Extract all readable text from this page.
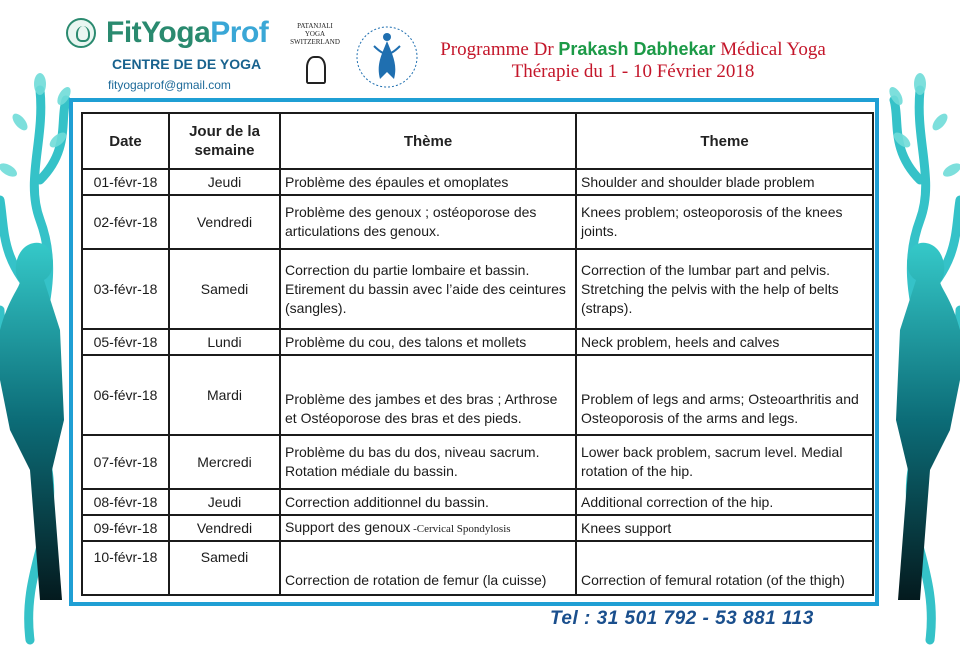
FitYogaProf
CENTRE DE DE YOGA
fityogaprof@gmail.com
PATANJALI
YOGA
SWITZERLAND	Programme Dr Prakash Dabhekar Médical Yoga
Thérapie du 1 - 10 Février 2018
Date	Jour de la semaine	Thème	Theme
01-févr-18	Jeudi	Problème des épaules et omoplates	Shoulder and shoulder blade problem
02-févr-18	Vendredi	Problème des genoux ; ostéoporose des articulations des genoux.	Knees problem; osteoporosis of the knees joints.
03-févr-18	Samedi	Correction du partie lombaire et bassin. Etirement du bassin avec l’aide des ceintures (sangles).	Correction of the lumbar part and pelvis. Stretching the pelvis with the help of belts (straps).
05-févr-18	Lundi	Problème du cou, des talons et mollets	Neck problem, heels and calves
06-févr-18	Mardi	Problème des jambes et des bras ; Arthrose et Ostéoporose des bras et des pieds.	Problem of legs and arms; Osteoarthritis and Osteoporosis of the arms and legs.
07-févr-18	Mercredi	Problème du bas du dos, niveau sacrum. Rotation médiale du bassin.	Lower back problem, sacrum level. Medial rotation of the hip.
08-févr-18	Jeudi	Correction additionnel du bassin.	Additional correction of the hip.
09-févr-18	Vendredi	Support des genoux -Cervical Spondylosis	Knees support
10-févr-18	Samedi	Correction de rotation de femur (la cuisse)	Correction of femural rotation (of the thigh)
Tel : 31 501 792 - 53 881 113
